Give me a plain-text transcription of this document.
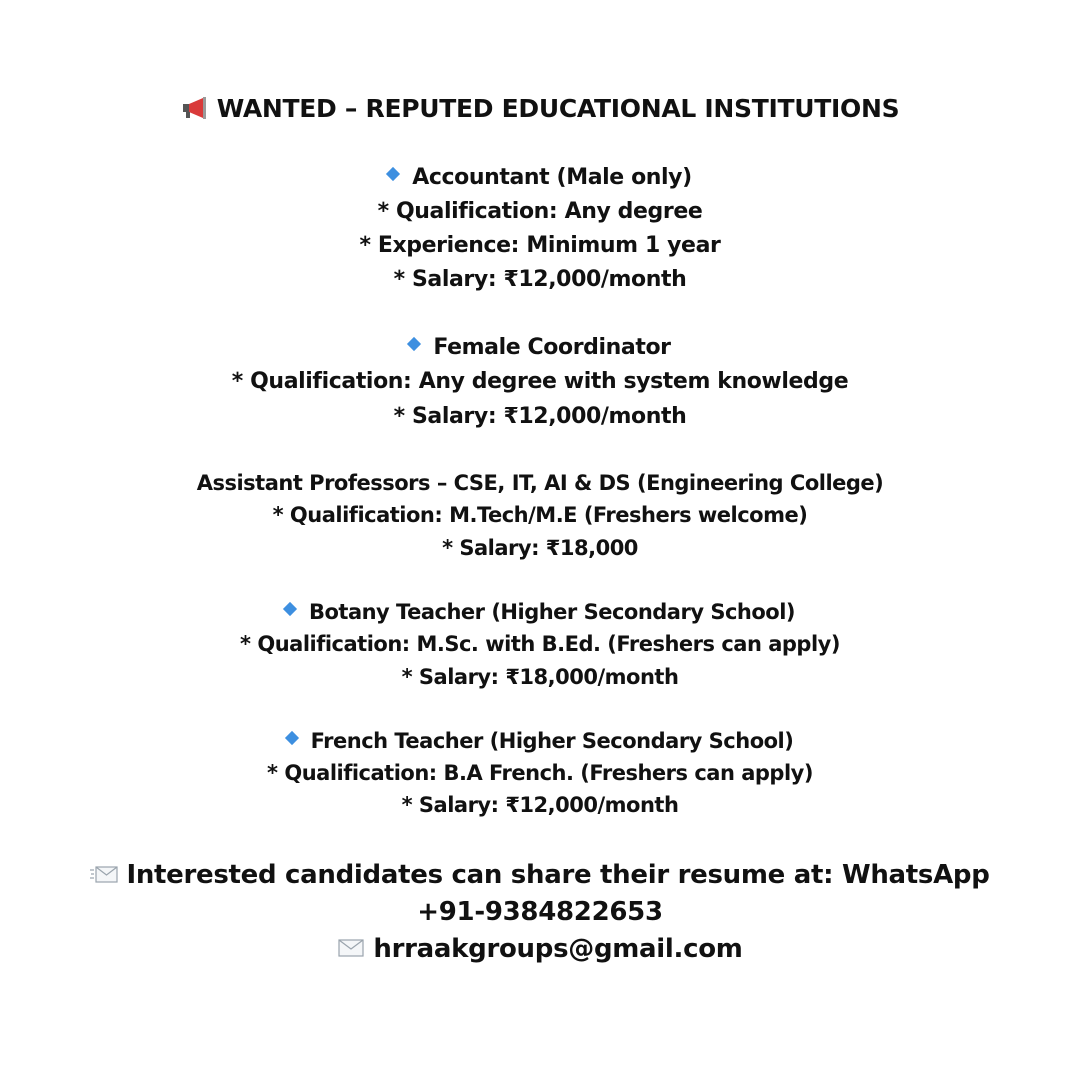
WANTED – REPUTED EDUCATIONAL INSTITUTIONS
Accountant (Male only)
* Qualification: Any degree
* Experience: Minimum 1 year
* Salary: ₹12,000/month
Female Coordinator
* Qualification: Any degree with system knowledge
* Salary: ₹12,000/month
Assistant Professors – CSE, IT, AI & DS (Engineering College)
* Qualification: M.Tech/M.E (Freshers welcome)
* Salary: ₹18,000
Botany Teacher (Higher Secondary School)
* Qualification: M.Sc. with B.Ed. (Freshers can apply)
* Salary: ₹18,000/month
French Teacher (Higher Secondary School)
* Qualification: B.A French. (Freshers can apply)
* Salary: ₹12,000/month
Interested candidates can share their resume at: WhatsApp
+91-9384822653
hrraakgroups@gmail.com
